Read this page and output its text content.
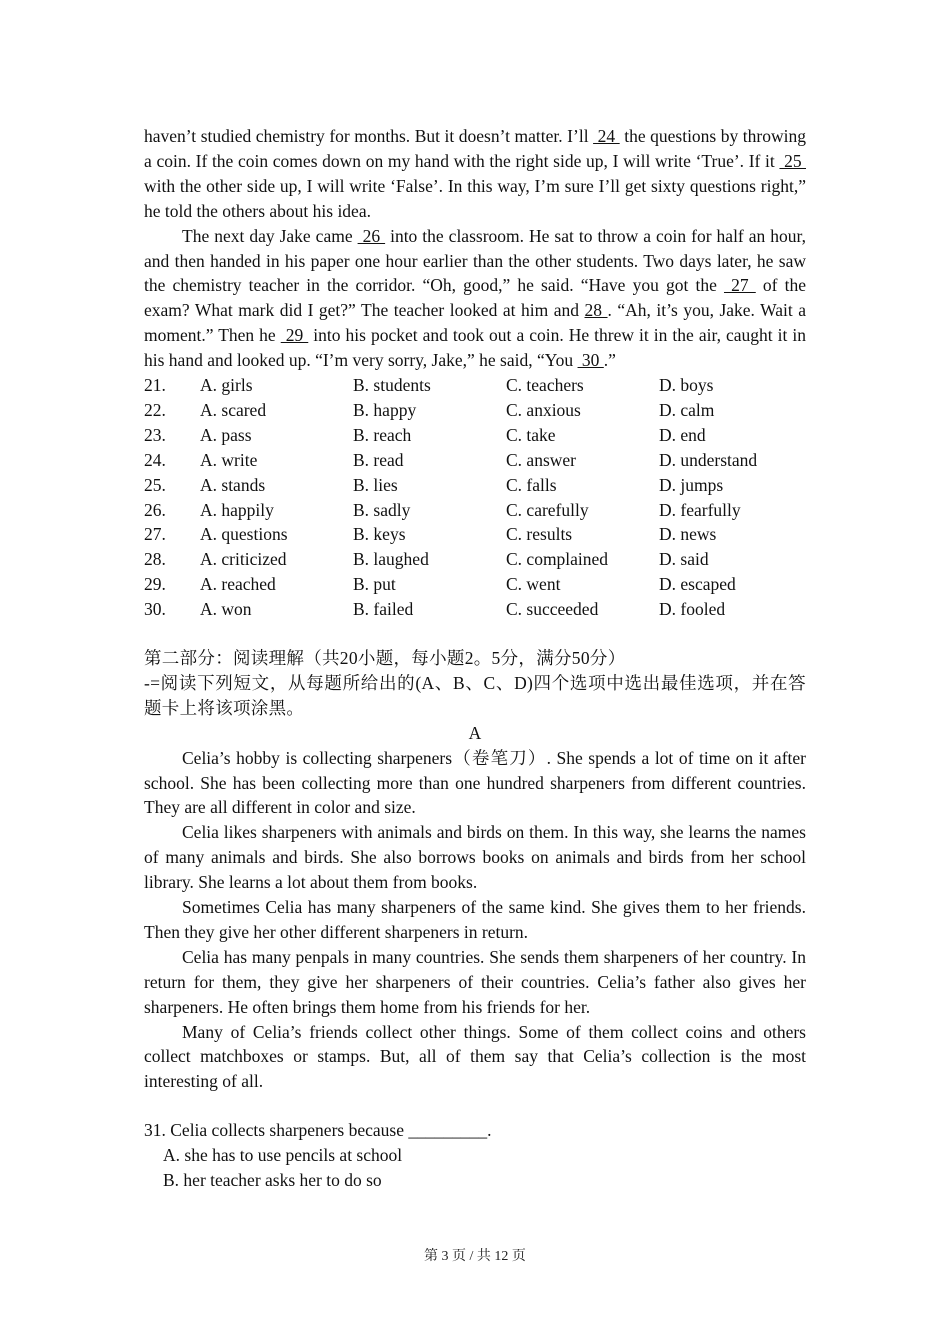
haven’t studied chemistry for months. But it doesn’t matter. I’ll  24  the questions by throwing a coin. If the coin comes down on my hand with the right side up, I will write ‘True’. If it  25  with the other side up, I will write ‘False’. In this way, I’m sure I’ll get sixty questions right,” he told the others about his idea.

The next day Jake came  26  into the classroom. He sat to throw a coin for half an hour, and then handed in his paper one hour earlier than the other students. Two days later, he saw the chemistry teacher in the corridor. “Oh, good,” he said. “Have you got the  27  of the exam? What mark did I get?” The teacher looked at him and 28 . “Ah, it’s you, Jake. Wait a moment.” Then he  29  into his pocket and took out a coin. He threw it in the air, caught it in his hand and looked up. “I’m very sorry, Jake,” he said, “You  30 .”

21.	A. girls	B. students	C. teachers	D. boys
22.	A. scared	B. happy	C. anxious	D. calm
23.	A. pass	B. reach	C. take	D. end
24.	A. write	B. read	C. answer	D. understand
25.	A. stands	B. lies	C. falls	D. jumps
26.	A. happily	B. sadly	C. carefully	D. fearfully
27.	A. questions	B. keys	C. results	D. news
28.	A. criticized	B. laughed	C. complained	D. said
29.	A. reached	B. put	C. went	D. escaped
30.	A. won	B. failed	C. succeeded	D. fooled

第二部分：阅读理解（共20小题，每小题2。5分，满分50分）

-=阅读下列短文，从每题所给出的(A、B、C、D)四个选项中选出最佳选项，并在答题卡上将该项涂黑。

A

Celia’s hobby is collecting sharpeners（卷笔刀）. She spends a lot of time on it after school. She has been collecting more than one hundred sharpeners from different countries. They are all different in color and size.

Celia likes sharpeners with animals and birds on them. In this way, she learns the names of many animals and birds. She also borrows books on animals and birds from her school library. She learns a lot about them from books.

Sometimes Celia has many sharpeners of the same kind. She gives them to her friends. Then they give her other different sharpeners in return.

Celia has many penpals in many countries. She sends them sharpeners of her country. In return for them, they give her sharpeners of their countries. Celia’s father also gives her sharpeners. He often brings them home from his friends for her.

Many of Celia’s friends collect other things. Some of them collect coins and others collect matchboxes or stamps. But, all of them say that Celia’s collection is the most interesting of all.

31. Celia collects sharpeners because _________.

A. she has to use pencils at school

B. her teacher asks her to do so

第 3 页 / 共 12 页
